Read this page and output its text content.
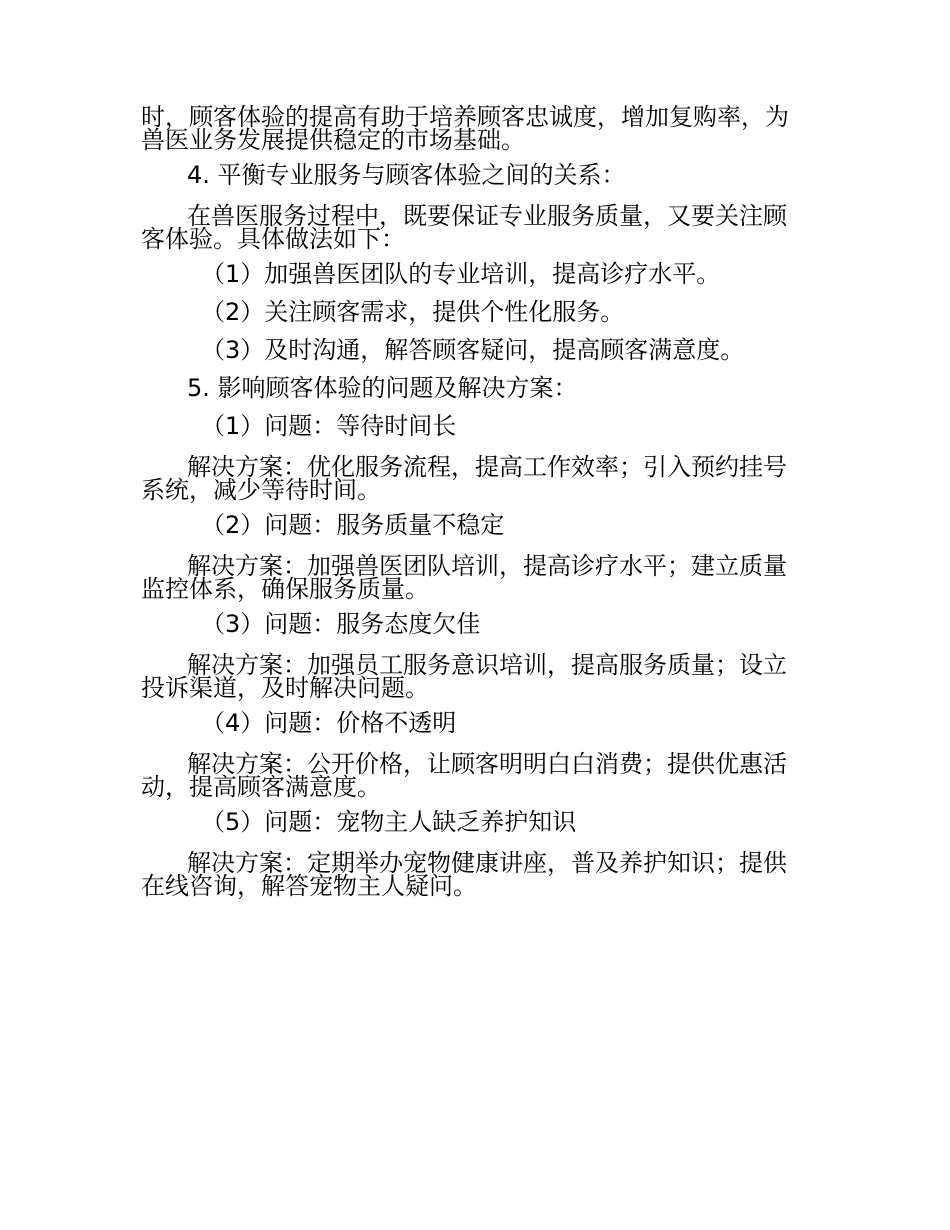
时，顾客体验的提高有助于培养顾客忠诚度，增加复购率，为
兽医业务发展提供稳定的市场基础。
4. 平衡专业服务与顾客体验之间的关系：
在兽医服务过程中，既要保证专业服务质量，又要关注顾
客体验。具体做法如下：
（1）加强兽医团队的专业培训，提高诊疗水平。
（2）关注顾客需求，提供个性化服务。
（3）及时沟通，解答顾客疑问，提高顾客满意度。
5. 影响顾客体验的问题及解决方案：
（1）问题：等待时间长
解决方案：优化服务流程，提高工作效率；引入预约挂号
系统，减少等待时间。
（2）问题：服务质量不稳定
解决方案：加强兽医团队培训，提高诊疗水平；建立质量
监控体系，确保服务质量。
（3）问题：服务态度欠佳
解决方案：加强员工服务意识培训，提高服务质量；设立
投诉渠道，及时解决问题。
（4）问题：价格不透明
解决方案：公开价格，让顾客明明白白消费；提供优惠活
动，提高顾客满意度。
（5）问题：宠物主人缺乏养护知识
解决方案：定期举办宠物健康讲座，普及养护知识；提供
在线咨询，解答宠物主人疑问。
